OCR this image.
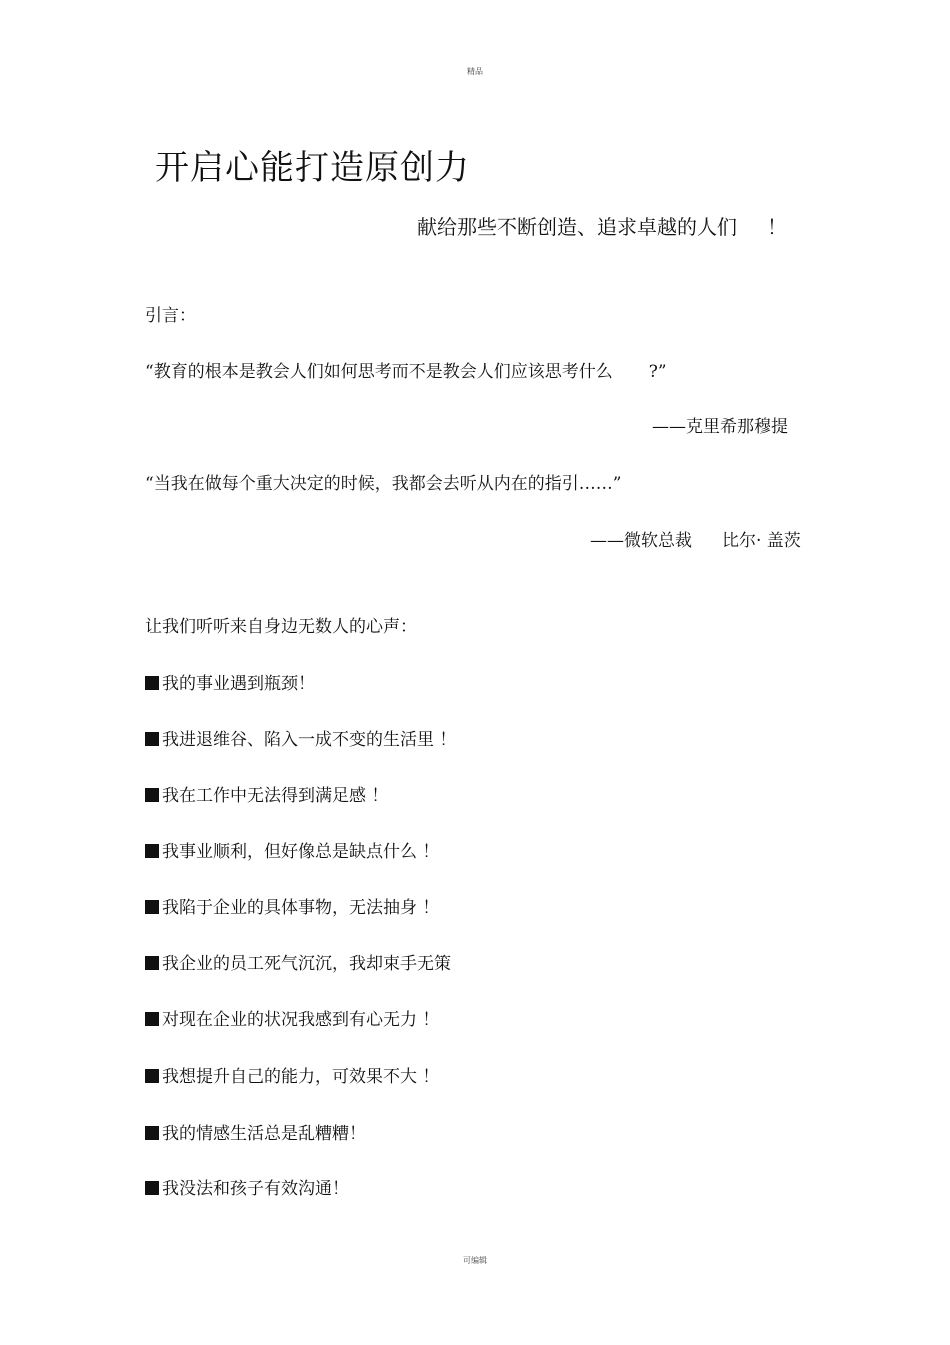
精品
开启心能打造原创力
献给那些不断创造、追求卓越的人们 ！
引言：
“教育的根本是教会人们如何思考而不是教会人们应该思考什么 ?”
——克里希那穆提
“当我在做每个重大决定的时候，我都会去听从内在的指引……”
——微软总裁 比尔· 盖茨
让我们听听来自身边无数人的心声：
我的事业遇到瓶颈！
我进退维谷、陷入一成不变的生活里 ！
我在工作中无法得到满足感 ！
我事业顺利，但好像总是缺点什么 ！
我陷于企业的具体事物，无法抽身 ！
我企业的员工死气沉沉，我却束手无策
对现在企业的状况我感到有心无力 ！
我想提升自己的能力，可效果不大 ！
我的情感生活总是乱糟糟！
我没法和孩子有效沟通！
可编辑
